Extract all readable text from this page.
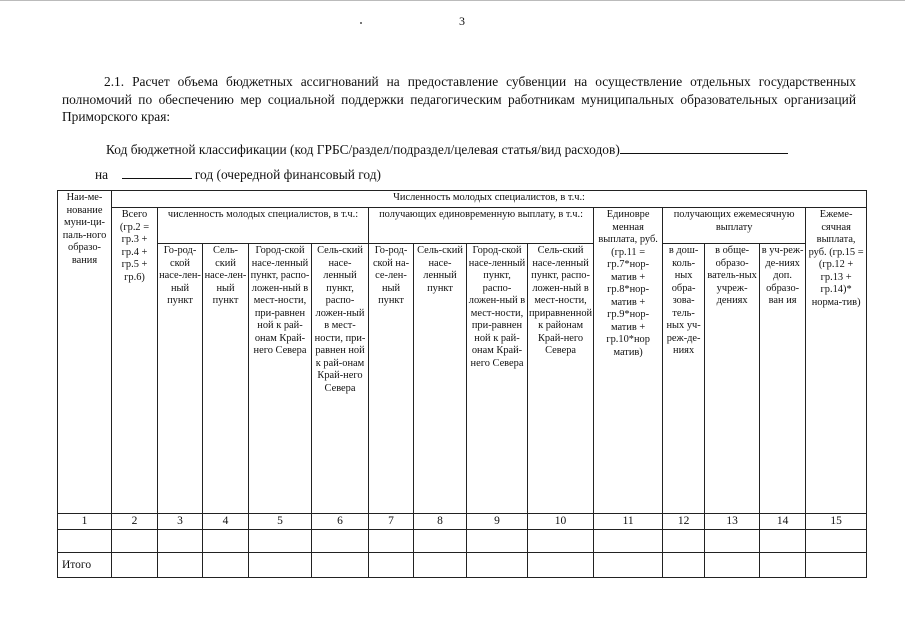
3
2.1. Расчет объема бюджетных ассигнований на предоставление субвенции на осуществление отдельных государственных полномочий по обеспечению мер социальной поддержки педагогическим работникам муниципальных образовательных организаций Приморского края:
Код бюджетной классификации (код ГРБС/раздел/подраздел/целевая статья/вид расходов)
на	год (очередной финансовый год)
Наи-ме-нование муни-ци-паль-ного образо-вания	Численность молодых специалистов, в т.ч.:													
	Всего (гр.2 = гр.3 + гр.4 + гр.5 + гр.6)	численность молодых специалистов, в т.ч.:				получающих единовременную выплату, в т.ч.:				Единовре менная выплата, руб. (гр.11 = гр.7*нор-матив + гр.8*нор-матив + гр.9*нор-матив + гр.10*нор матив)	получающих ежемесячную выплату			Ежеме-сячная выплата, руб. (гр.15 = (гр.12 + гр.13 + гр.14)* норма-тив)
		Го-род-ской насе-лен-ный пункт	Сель-ский насе-лен-ный пункт	Город-ской насе-ленный пункт, распо-ложен-ный в мест-ности, при-равнен ной к рай-онам Край-него Севера	Сель-ский насе-ленный пункт, распо-ложен-ный в мест-ности, при-равнен ной к рай-онам Край-него Севера	Го-род-ской на-се-лен-ный пункт	Сель-ский насе-ленный пункт	Город-ской насе-ленный пункт, распо-ложен-ный в мест-ности, при-равнен ной к рай-онам Край-него Севера	Сель-ский насе-ленный пункт, распо-ложен-ный в мест-ности, приравненной к районам Край-него Севера		в дош-коль-ных обра-зова-тель-ных уч-реж-де-ниях	в обще-образо-ватель-ных учреж-дениях	в уч-реж-де-ниях доп. образо-ван ия	
1	2	3	4	5	6	7	8	9	10	11	12	13	14	15

Итого														
